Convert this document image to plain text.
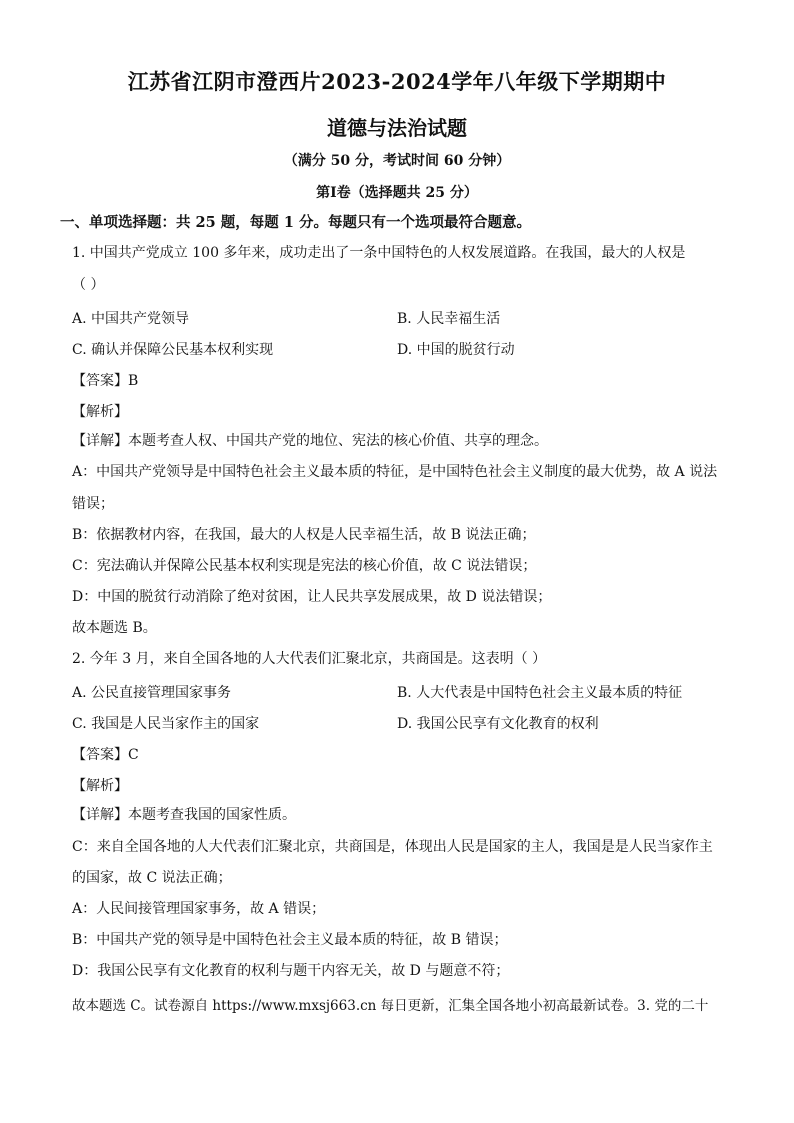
江苏省江阴市澄西片2023-2024学年八年级下学期期中
道德与法治试题
（满分 50 分，考试时间 60 分钟）
第Ⅰ卷（选择题共 25 分）
一、单项选择题：共 25 题，每题 1 分。每题只有一个选项最符合题意。
1. 中国共产党成立 100 多年来，成功走出了一条中国特色的人权发展道路。在我国，最大的人权是
（ ）
A. 中国共产党领导	B. 人民幸福生活
C. 确认并保障公民基本权利实现	D. 中国的脱贫行动
【答案】B
【解析】
【详解】本题考查人权、中国共产党的地位、宪法的核心价值、共享的理念。
A：中国共产党领导是中国特色社会主义最本质的特征，是中国特色社会主义制度的最大优势，故 A 说法
错误；
B：依据教材内容，在我国，最大的人权是人民幸福生活，故 B 说法正确；
C：宪法确认并保障公民基本权利实现是宪法的核心价值，故 C 说法错误；
D：中国的脱贫行动消除了绝对贫困，让人民共享发展成果，故 D 说法错误；
故本题选 B。
2. 今年 3 月，来自全国各地的人大代表们汇聚北京，共商国是。这表明（ ）
A. 公民直接管理国家事务	B. 人大代表是中国特色社会主义最本质的特征
C. 我国是人民当家作主的国家	D. 我国公民享有文化教育的权利
【答案】C
【解析】
【详解】本题考查我国的国家性质。
C：来自全国各地的人大代表们汇聚北京，共商国是，体现出人民是国家的主人，我国是是人民当家作主
的国家，故 C 说法正确；
A：人民间接管理国家事务，故 A 错误；
B：中国共产党的领导是中国特色社会主义最本质的特征，故 B 错误；
D：我国公民享有文化教育的权利与题干内容无关，故 D 与题意不符；
故本题选 C。试卷源自 https://www.mxsj663.cn 每日更新，汇集全国各地小初高最新试卷。3. 党的二十
